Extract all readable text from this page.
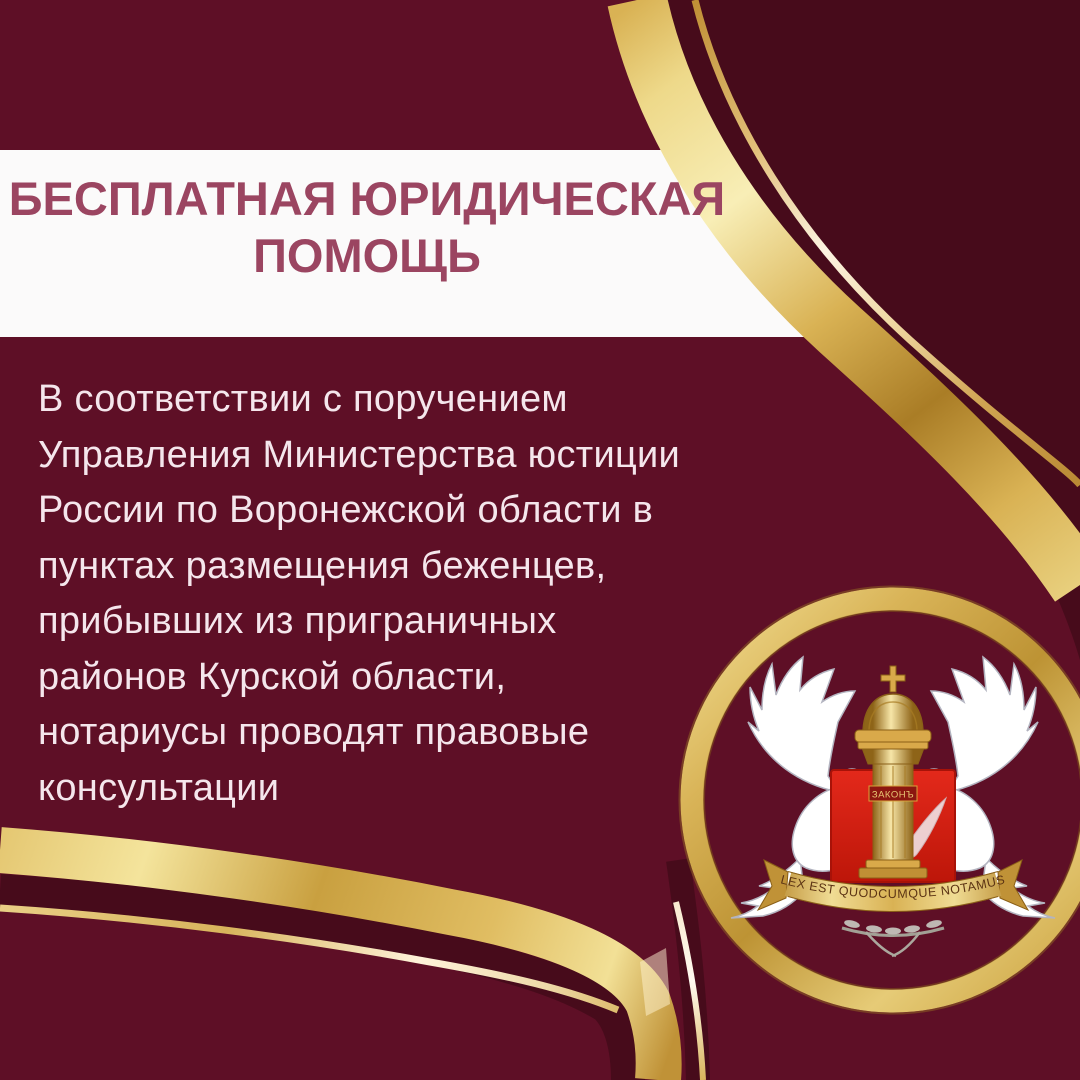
ЗАКОНЪ
LEX EST QUODCUMQUE NOTAMUS
БЕСПЛАТНАЯ ЮРИДИЧЕСКАЯ
ПОМОЩЬ
В соответствии с поручением
Управления Министерства юстиции
России по Воронежской области в
пунктах размещения беженцев,
прибывших из приграничных
районов Курской области,
нотариусы проводят правовые
консультации
